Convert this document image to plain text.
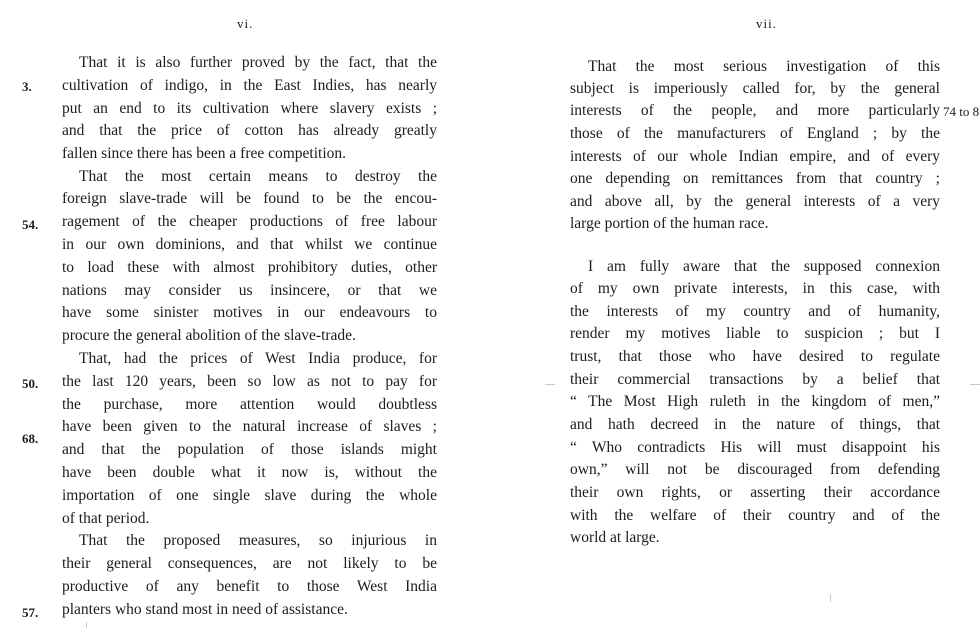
vi.	vii.
That it is also further proved by the fact, that the
cultivation of indigo, in the East Indies, has nearly
put an end to its cultivation where slavery exists ;
and that the price of cotton has already greatly
fallen since there has been a free competition.
That the most certain means to destroy the
foreign slave-trade will be found to be the encou-
ragement of the cheaper productions of free labour
in our own dominions, and that whilst we continue
to load these with almost prohibitory duties, other
nations may consider us insincere, or that we
have some sinister motives in our endeavours to
procure the general abolition of the slave-trade.
That, had the prices of West India produce, for
the last 120 years, been so low as not to pay for
the purchase, more attention would doubtless
have been given to the natural increase of slaves ;
and that the population of those islands might
have been double what it now is, without the
importation of one single slave during the whole
of that period.
That the proposed measures, so injurious in
their general consequences, are not likely to be
productive of any benefit to those West India
planters who stand most in need of assistance.
3.
54.
50.
68.
57.
That the most serious investigation of this
subject is imperiously called for, by the general
interests of the people, and more particularly
those of the manufacturers of England ; by the
interests of our whole Indian empire, and of every
one depending on remittances from that country ;
and above all, by the general interests of a very
large portion of the human race.
I am fully aware that the supposed connexion
of my own private interests, in this case, with
the interests of my country and of humanity,
render my motives liable to suspicion ; but I
trust, that those who have desired to regulate
their commercial transactions by a belief that
“ The Most High ruleth in the kingdom of men,”
and hath decreed in the nature of things, that
“ Who contradicts His will must disappoint his
own,” will not be discouraged from defending
their own rights, or asserting their accordance
with the welfare of their country and of the
world at large.
74 to 8
